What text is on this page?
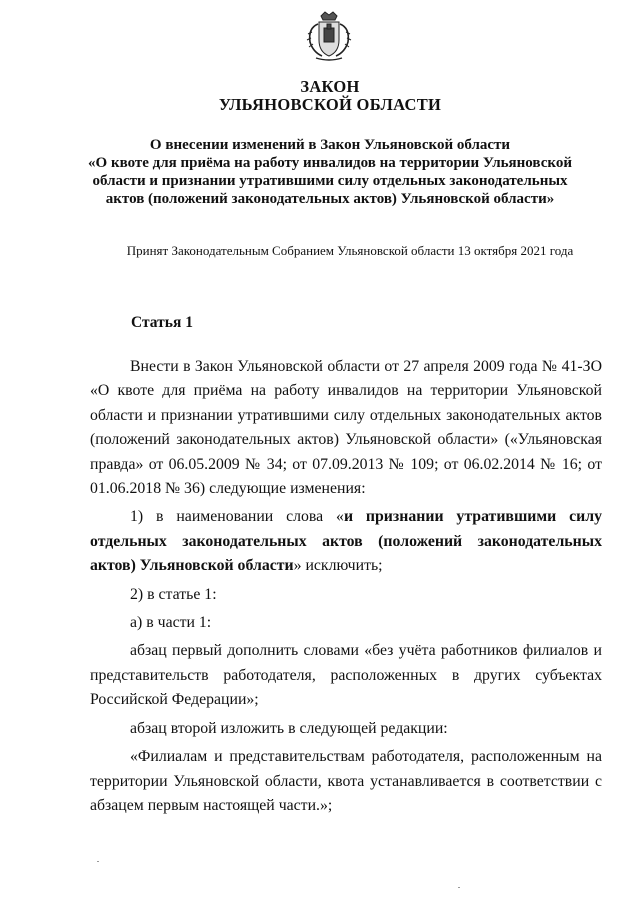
ЗАКОН
УЛЬЯНОВСКОЙ ОБЛАСТИ
О внесении изменений в Закон Ульяновской области
«О квоте для приёма на работу инвалидов на территории Ульяновской
области и признании утратившими силу отдельных законодательных
актов (положений законодательных актов) Ульяновской области»
Принят Законодательным Собранием Ульяновской области 13 октября 2021 года
Статья 1

Внести в Закон Ульяновской области от 27 апреля 2009 года № 41-ЗО «О квоте для приёма на работу инвалидов на территории Ульяновской области и признании утратившими силу отдельных законодательных актов (положений законодательных актов) Ульяновской области» («Ульяновская правда» от 06.05.2009 № 34; от 07.09.2013 № 109; от 06.02.2014 № 16; от 01.06.2018 № 36) следующие изменения:

1) в наименовании слова «и признании утратившими силу отдельных законодательных актов (положений законодательных актов) Ульяновской области» исключить;

2) в статье 1:

а) в части 1:

абзац первый дополнить словами «без учёта работников филиалов и представительств работодателя, расположенных в других субъектах Российской Федерации»;

абзац второй изложить в следующей редакции:

«Филиалам и представительствам работодателя, расположенным на территории Ульяновской области, квота устанавливается в соответствии с абзацем первым настоящей части.»;
